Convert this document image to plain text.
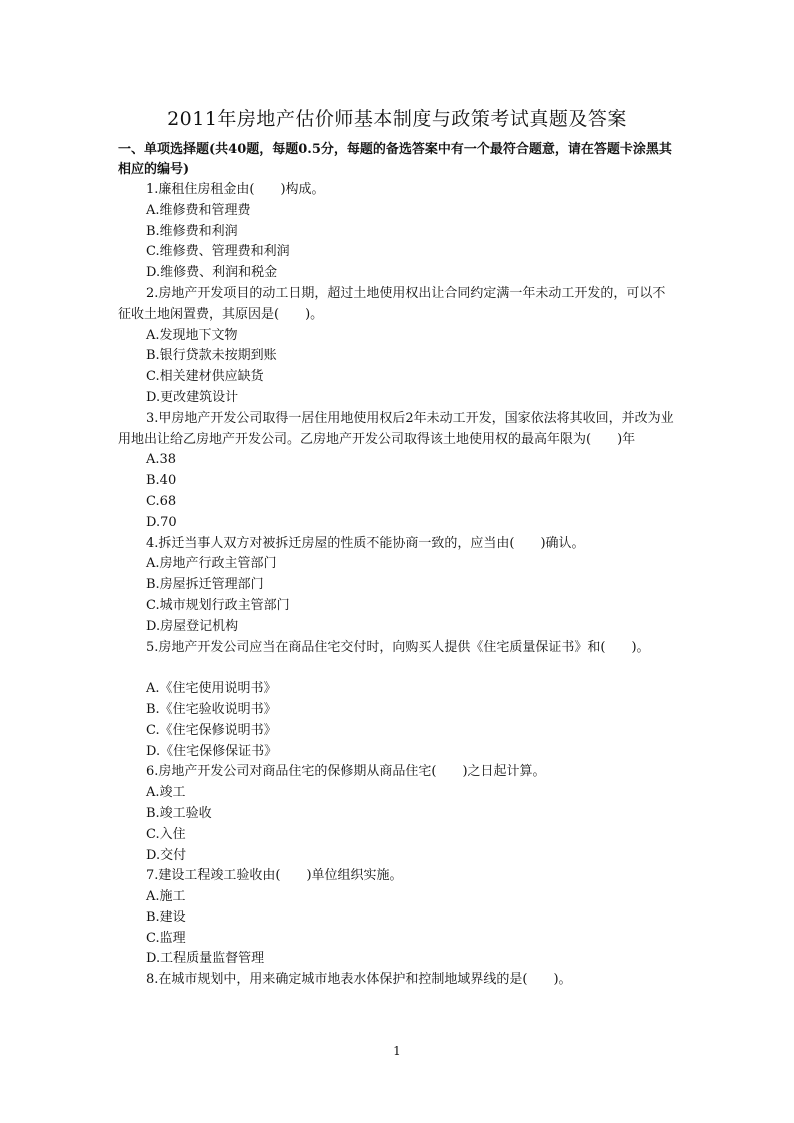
2011年房地产估价师基本制度与政策考试真题及答案
一、单项选择题(共40题，每题0.5分，每题的备选答案中有一个最符合题意，请在答题卡涂黑其相应的编号)

1.廉租住房租金由(　　)构成。

A.维修费和管理费

B.维修费和利润

C.维修费、管理费和利润

D.维修费、利润和税金

2.房地产开发项目的动工日期，超过土地使用权出让合同约定满一年未动工开发的，可以不征收土地闲置费，其原因是(　　)。

A.发现地下文物

B.银行贷款未按期到账

C.相关建材供应缺货

D.更改建筑设计

3.甲房地产开发公司取得一居住用地使用权后2年未动工开发，国家依法将其收回，并改为业用地出让给乙房地产开发公司。乙房地产开发公司取得该土地使用权的最高年限为(　　)年

A.38

B.40

C.68

D.70

4.拆迁当事人双方对被拆迁房屋的性质不能协商一致的，应当由(　　)确认。

A.房地产行政主管部门

B.房屋拆迁管理部门

C.城市规划行政主管部门

D.房屋登记机构

5.房地产开发公司应当在商品住宅交付时，向购买人提供《住宅质量保证书》和(　　)。

A.《住宅使用说明书》

B.《住宅验收说明书》

C.《住宅保修说明书》

D.《住宅保修保证书》

6.房地产开发公司对商品住宅的保修期从商品住宅(　　)之日起计算。

A.竣工

B.竣工验收

C.入住

D.交付

7.建设工程竣工验收由(　　)单位组织实施。

A.施工

B.建设

C.监理

D.工程质量监督管理

8.在城市规划中，用来确定城市地表水体保护和控制地域界线的是(　　)。

1
